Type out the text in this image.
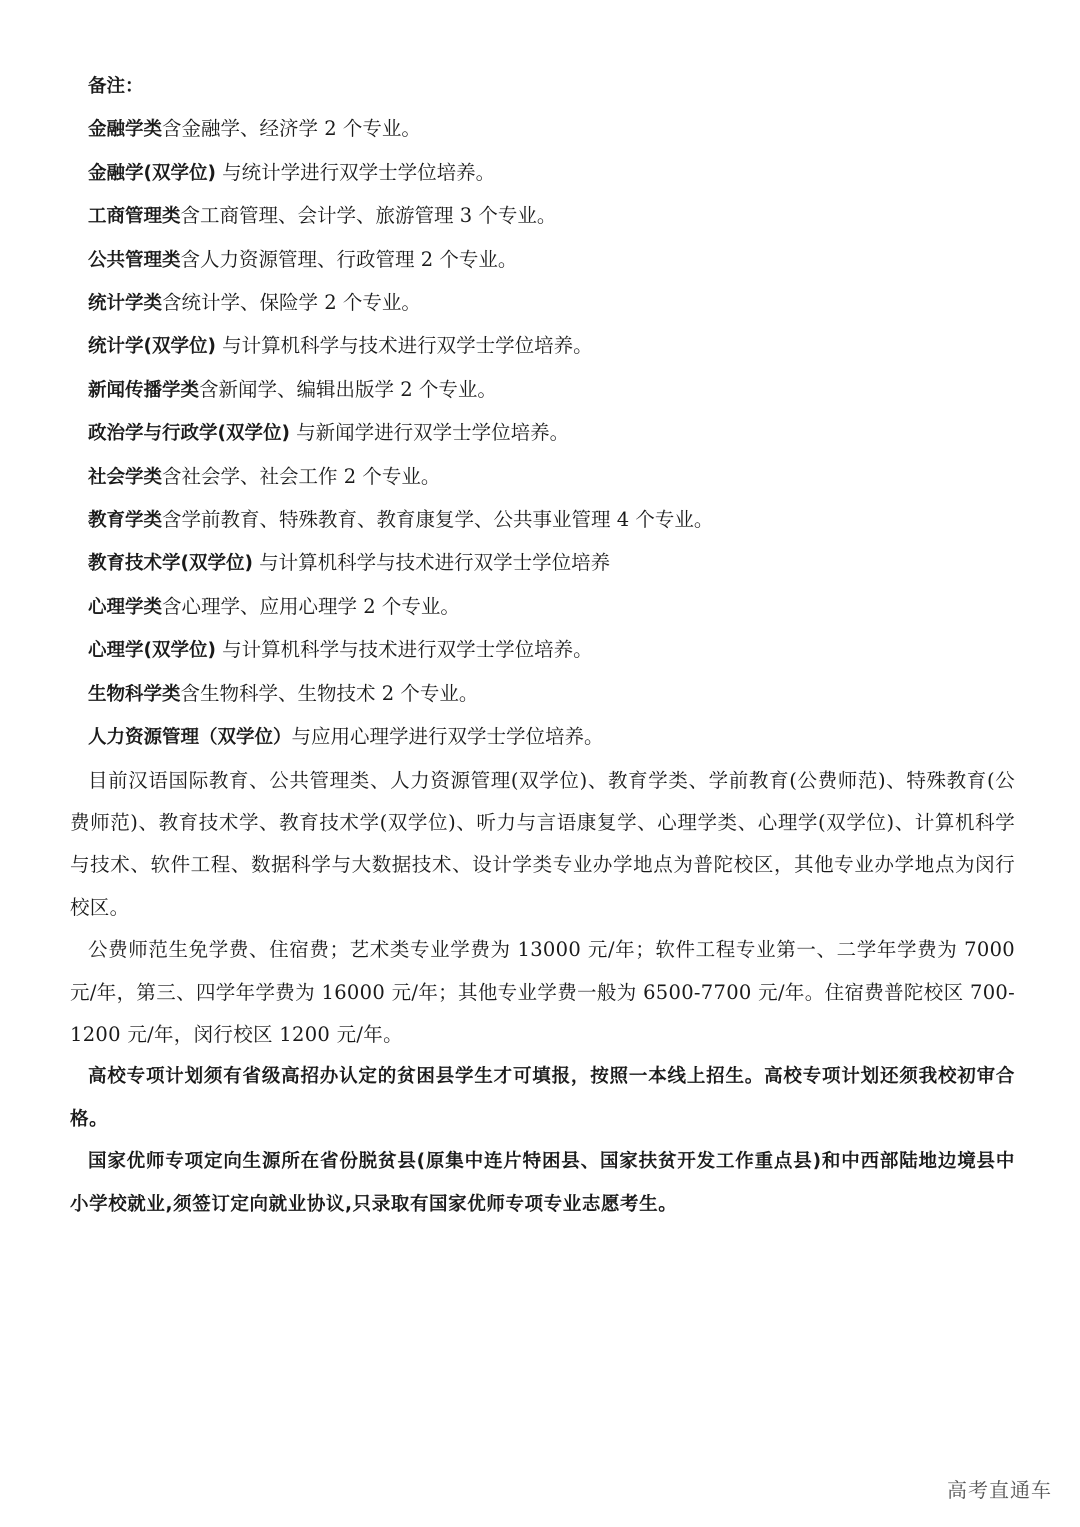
备注：
金融学类含金融学、经济学 2 个专业。
金融学(双学位) 与统计学进行双学士学位培养。
工商管理类含工商管理、会计学、旅游管理 3 个专业。
公共管理类含人力资源管理、行政管理 2 个专业。
统计学类含统计学、保险学 2 个专业。
统计学(双学位) 与计算机科学与技术进行双学士学位培养。
新闻传播学类含新闻学、编辑出版学 2 个专业。
政治学与行政学(双学位) 与新闻学进行双学士学位培养。
社会学类含社会学、社会工作 2 个专业。
教育学类含学前教育、特殊教育、教育康复学、公共事业管理 4 个专业。
教育技术学(双学位) 与计算机科学与技术进行双学士学位培养
心理学类含心理学、应用心理学 2 个专业。
心理学(双学位) 与计算机科学与技术进行双学士学位培养。
生物科学类含生物科学、生物技术 2 个专业。
人力资源管理（双学位）与应用心理学进行双学士学位培养。
目前汉语国际教育、公共管理类、人力资源管理(双学位)、教育学类、学前教育(公费师范)、特殊教育(公费师范)、教育技术学、教育技术学(双学位)、听力与言语康复学、心理学类、心理学(双学位)、计算机科学与技术、软件工程、数据科学与大数据技术、设计学类专业办学地点为普陀校区，其他专业办学地点为闵行校区。
公费师范生免学费、住宿费；艺术类专业学费为 13000 元/年；软件工程专业第一、二学年学费为 7000 元/年，第三、四学年学费为 16000 元/年；其他专业学费一般为 6500-7700 元/年。住宿费普陀校区 700-1200 元/年，闵行校区 1200 元/年。
高校专项计划须有省级高招办认定的贫困县学生才可填报，按照一本线上招生。高校专项计划还须我校初审合格。
国家优师专项定向生源所在省份脱贫县(原集中连片特困县、国家扶贫开发工作重点县)和中西部陆地边境县中小学校就业,须签订定向就业协议,只录取有国家优师专项专业志愿考生。
高考直通车
